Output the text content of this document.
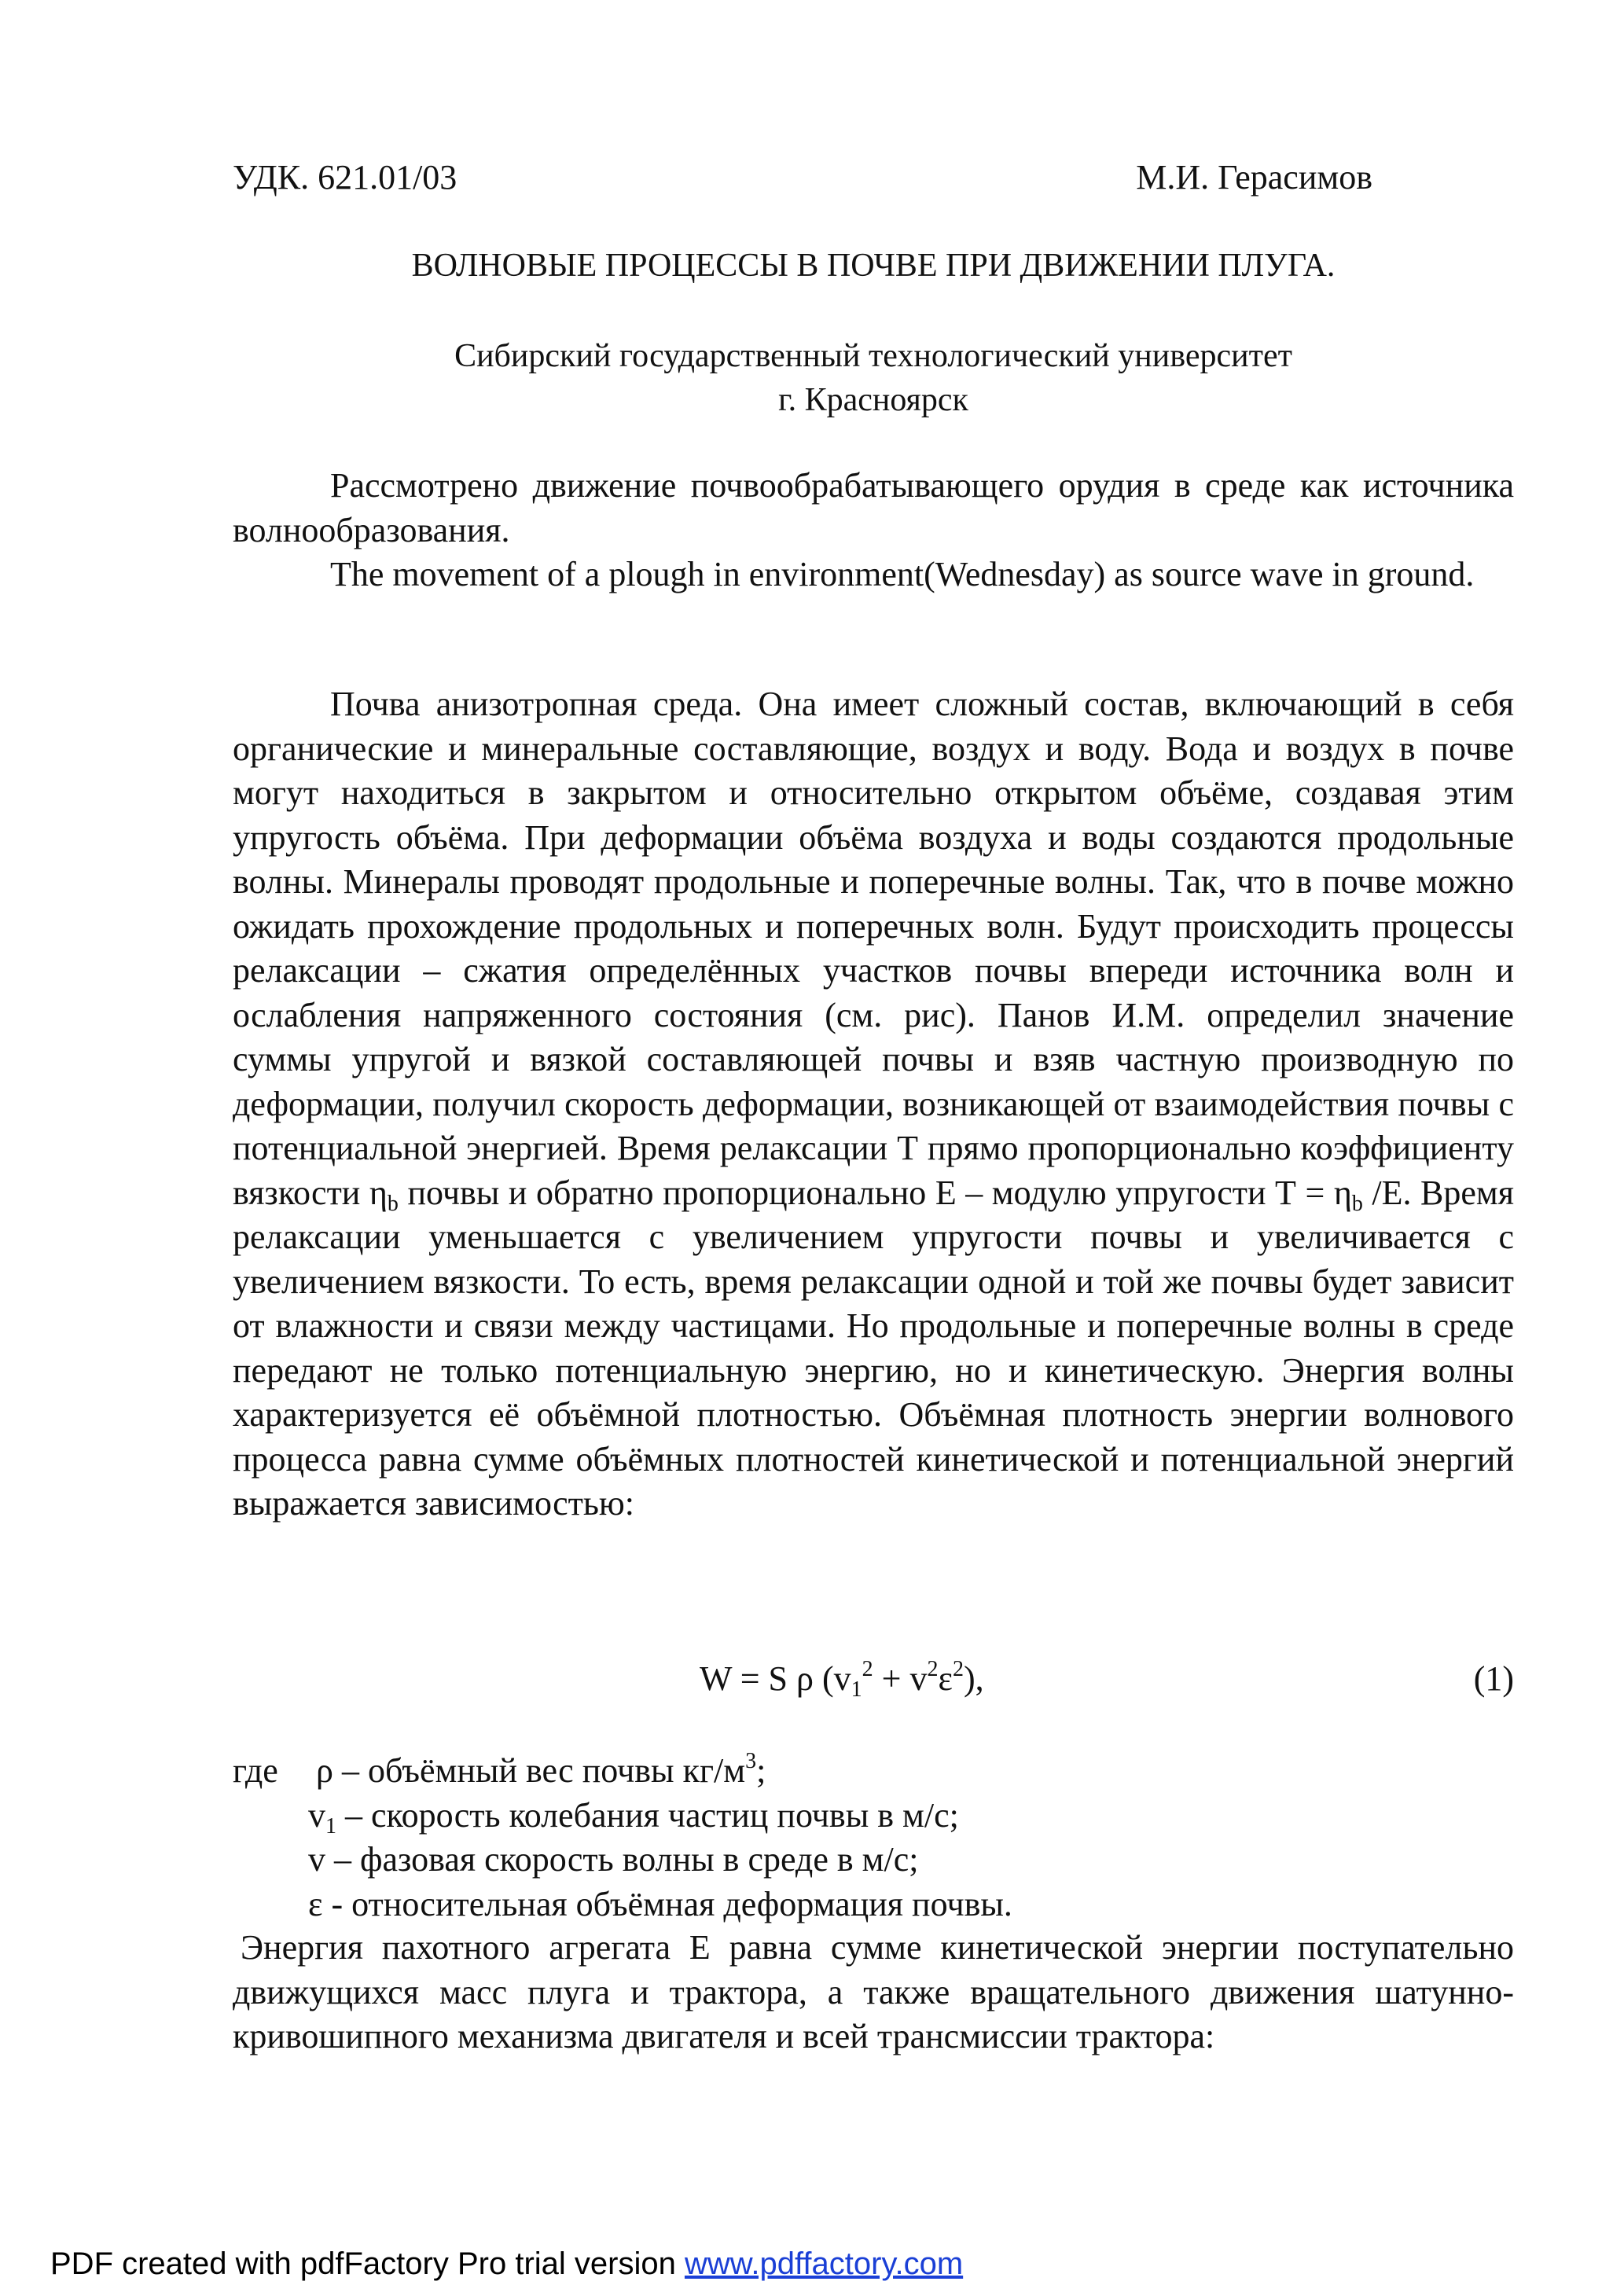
УДК. 621.01/03	М.И. Герасимов
ВОЛНОВЫЕ ПРОЦЕССЫ В ПОЧВЕ ПРИ ДВИЖЕНИИ ПЛУГА.
Сибирский государственный технологический университет
г. Красноярск

Рассмотрено движение почвообрабатывающего орудия в среде как источника волнообразования.

The movement of a plough in environment(Wednesday) as source wave in ground.

Почва анизотропная среда. Она имеет сложный состав, включающий в себя органические и минеральные составляющие, воздух и воду. Вода и воздух в почве могут находиться в закрытом и относительно открытом объёме, создавая этим упругость объёма. При деформации объёма воздуха и воды создаются продольные волны. Минералы проводят продольные и поперечные волны. Так, что в почве можно ожидать прохождение продольных и поперечных волн. Будут происходить процессы релаксации – сжатия определённых участков почвы впереди источника волн и ослабления напряженного состояния (см. рис). Панов И.М. определил значение суммы упругой и вязкой составляющей почвы и взяв частную производную по деформации, получил скорость деформации, возникающей от взаимодействия почвы с потенциальной энергией. Время релаксации Т прямо пропорционально коэффициенту вязкости $\eta_b$ почвы и обратно пропорционально Е – модулю упругости $Т = \eta_b$ /Е. Время релаксации уменьшается с увеличением упругости почвы и увеличивается с увеличением вязкости. То есть, время релаксации одной и той же почвы будет зависит от влажности и связи между частицами. Но продольные и поперечные волны в среде передают не только потенциальную энергию, но и кинетическую. Энергия волны характеризуется её объёмной плотностью. Объёмная плотность энергии волнового процесса равна сумме объёмных плотностей кинетической и потенциальной энергий выражается зависимостью:

W = S ρ $(v_1^2 + v^2\varepsilon^2)$,	(1)
где ρ – объёмный вес почвы $кг/м^3$;
$v_1$ – скорость колебания частиц почвы в м/с;
v – фазовая скорость волны в среде в м/с;
ε - относительная объёмная деформация почвы.

Энергия пахотного агрегата Е равна сумме кинетической энергии поступательно движущихся масс плуга и трактора, а также вращательного движения шатунно-кривошипного механизма двигателя и всей трансмиссии трактора:

PDF created with pdfFactory Pro trial version www.pdffactory.com
